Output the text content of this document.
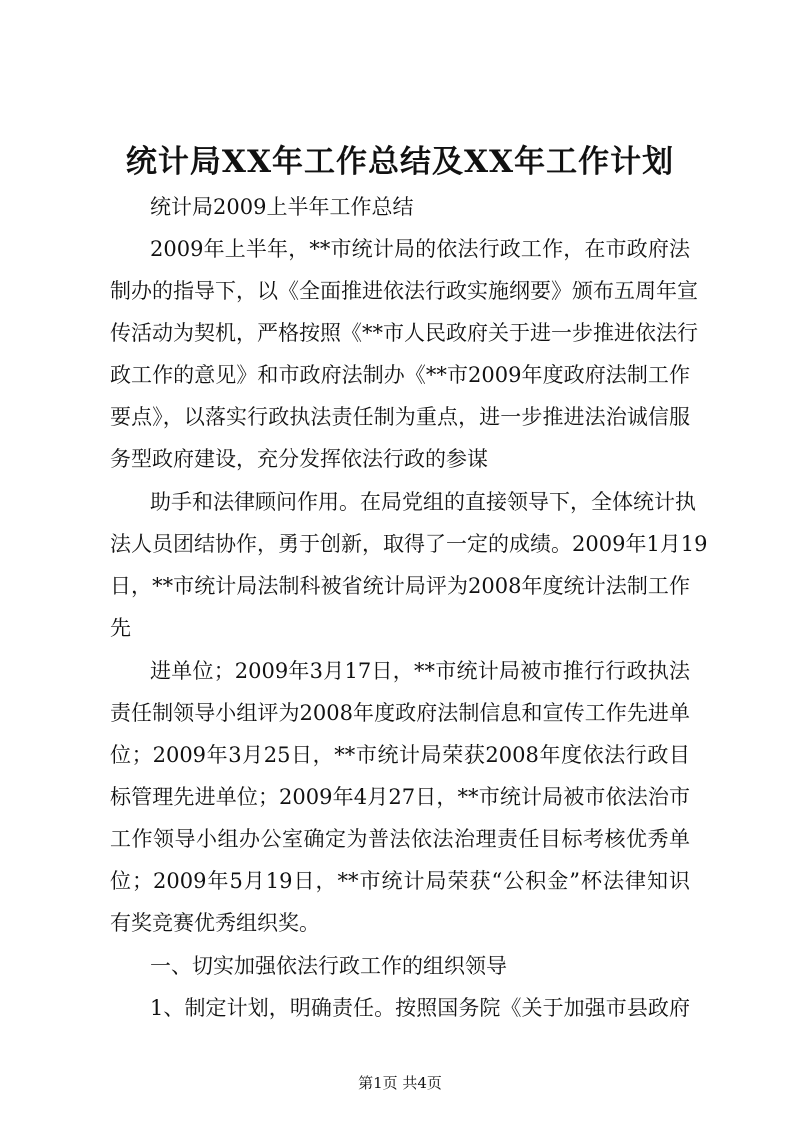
统计局XX年工作总结及XX年工作计划
统计局2009上半年工作总结
2009年上半年，**市统计局的依法行政工作，在市政府法
制办的指导下，以《全面推进依法行政实施纲要》颁布五周年宣
传活动为契机，严格按照《**市人民政府关于进一步推进依法行
政工作的意见》和市政府法制办《**市2009年度政府法制工作
要点》，以落实行政执法责任制为重点，进一步推进法治诚信服
务型政府建设，充分发挥依法行政的参谋
助手和法律顾问作用。在局党组的直接领导下，全体统计执
法人员团结协作，勇于创新，取得了一定的成绩。2009年1月19
日，**市统计局法制科被省统计局评为2008年度统计法制工作
先
进单位；2009年3月17日，**市统计局被市推行行政执法
责任制领导小组评为2008年度政府法制信息和宣传工作先进单
位；2009年3月25日，**市统计局荣获2008年度依法行政目
标管理先进单位；2009年4月27日，**市统计局被市依法治市
工作领导小组办公室确定为普法依法治理责任目标考核优秀单
位；2009年5月19日，**市统计局荣获“公积金”杯法律知识
有奖竞赛优秀组织奖。
一、切实加强依法行政工作的组织领导
1、制定计划，明确责任。按照国务院《关于加强市县政府
第1页 共4页
